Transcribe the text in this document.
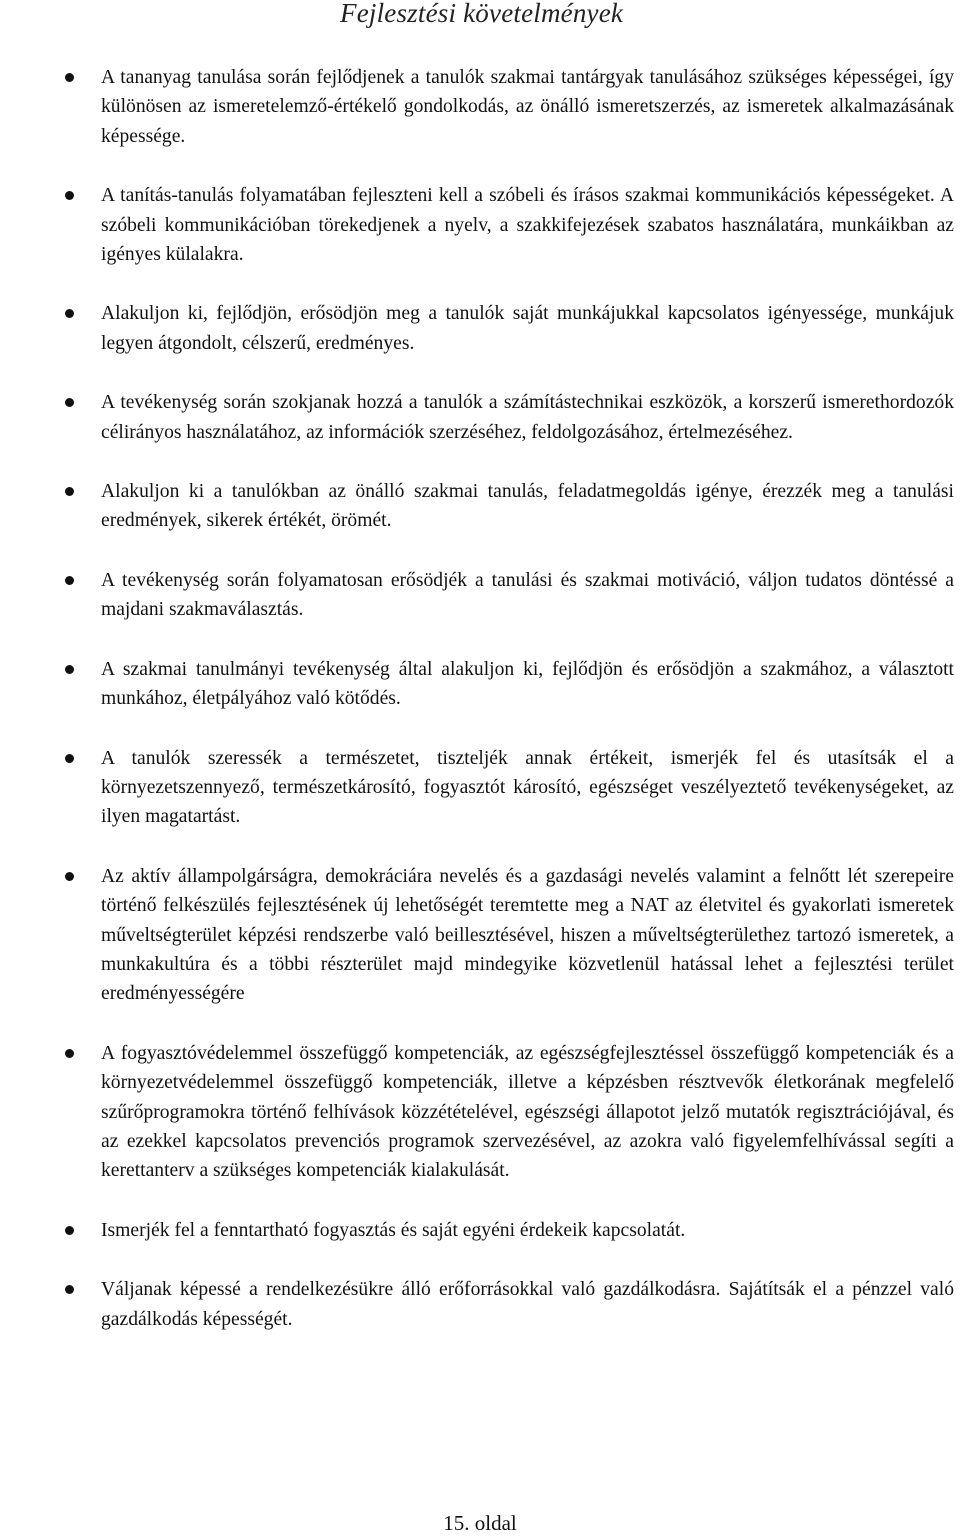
Fejlesztési követelmények
A tananyag tanulása során fejlődjenek a tanulók szakmai tantárgyak tanulásához szükséges képességei, így különösen az ismeretelemző-értékelő gondolkodás, az önálló ismeretszerzés, az ismeretek alkalmazásának képessége.
A tanítás-tanulás folyamatában fejleszteni kell a szóbeli és írásos szakmai kommunikációs képességeket. A szóbeli kommunikációban törekedjenek a nyelv, a szakkifejezések szabatos használatára, munkáikban az igényes külalakra.
Alakuljon ki, fejlődjön, erősödjön meg a tanulók saját munkájukkal kapcsolatos igényessége, munkájuk legyen átgondolt, célszerű, eredményes.
A tevékenység során szokjanak hozzá a tanulók a számítástechnikai eszközök, a korszerű ismerethordozók célirányos használatához, az információk szerzéséhez, feldolgozásához, értelmezéséhez.
Alakuljon ki a tanulókban az önálló szakmai tanulás, feladatmegoldás igénye, érezzék meg a tanulási eredmények, sikerek értékét, örömét.
A tevékenység során folyamatosan erősödjék a tanulási és szakmai motiváció, váljon tudatos döntéssé a majdani szakmaválasztás.
A szakmai tanulmányi tevékenység által alakuljon ki, fejlődjön és erősödjön a szakmához, a választott munkához, életpályához való kötődés.
A tanulók szeressék a természetet, tiszteljék annak értékeit, ismerjék fel és utasítsák el a környezetszennyező, természetkárosító, fogyasztót károsító, egészséget veszélyeztető tevékenységeket, az ilyen magatartást.
Az aktív állampolgárságra, demokráciára nevelés és a gazdasági nevelés valamint a felnőtt lét szerepeire történő felkészülés fejlesztésének új lehetőségét teremtette meg a NAT az életvitel és gyakorlati ismeretek műveltségterület képzési rendszerbe való beillesztésével, hiszen a műveltségterülethez tartozó ismeretek, a munkakultúra és a többi részterület majd mindegyike közvetlenül hatással lehet a fejlesztési terület eredményességére
A fogyasztóvédelemmel összefüggő kompetenciák, az egészségfejlesztéssel összefüggő kompetenciák és a környezetvédelemmel összefüggő kompetenciák, illetve a képzésben résztvevők életkorának megfelelő szűrőprogramokra történő felhívások közzétételével, egészségi állapotot jelző mutatók regisztrációjával, és az ezekkel kapcsolatos prevenciós programok szervezésével, az azokra való figyelemfelhívással segíti a kerettanterv a szükséges kompetenciák kialakulását.
Ismerjék fel a fenntartható fogyasztás és saját egyéni érdekeik kapcsolatát.
Váljanak képessé a rendelkezésükre álló erőforrásokkal való gazdálkodásra. Sajátítsák el a pénzzel való gazdálkodás képességét.
15. oldal
